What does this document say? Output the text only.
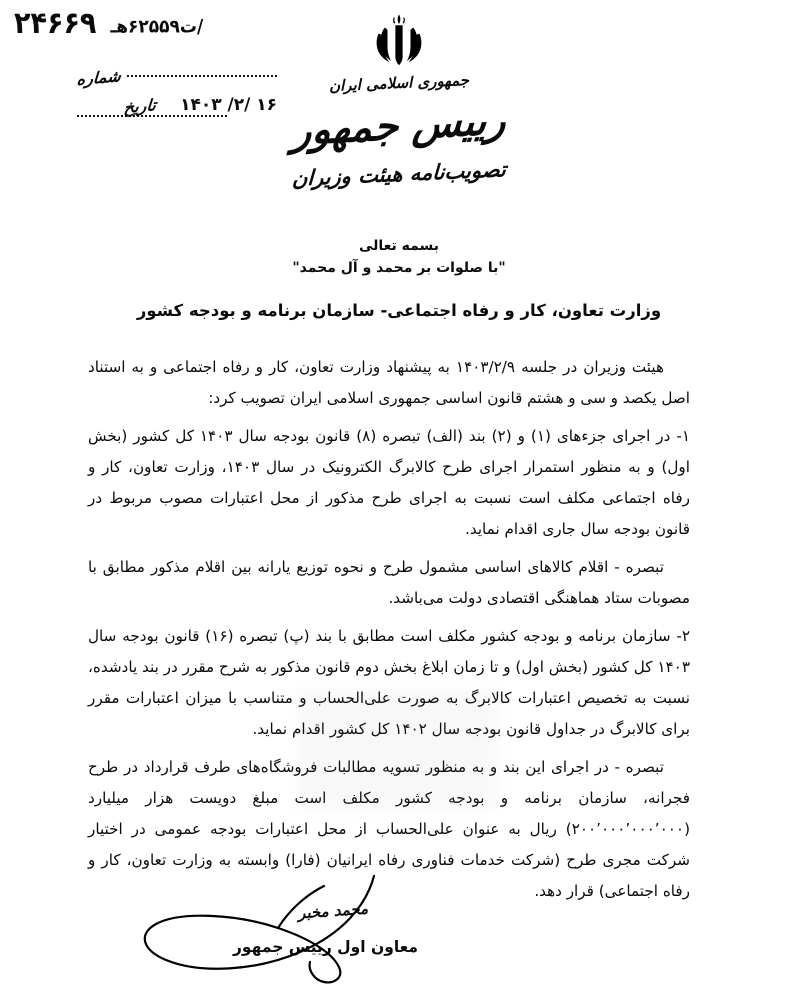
۲۴۶۶۹ /ت۶۲۵۵۹هـ
شماره
۱۴۰۳ /۲/ ۱۶
تاریخ
جمهوری اسلامی ایران
رییس جمهور
تصویب‌نامه هیئت وزیران
بسمه تعالی
"با صلوات بر محمد و آل محمد"
وزارت تعاون، کار و رفاه اجتماعی- سازمان برنامه و بودجه کشور

هیئت وزیران در جلسه ۱۴۰۳/۲/۹ به پیشنهاد وزارت تعاون، کار و رفاه اجتماعی و به استناد اصل یکصد و سی و هشتم قانون اساسی جمهوری اسلامی ایران تصویب کرد:

۱- در اجرای جزءهای (۱) و (۲) بند (الف) تبصره (۸) قانون بودجه سال ۱۴۰۳ کل کشور (بخش اول) و به منظور استمرار اجرای طرح کالابرگ الکترونیک در سال ۱۴۰۳، وزارت تعاون، کار و رفاه اجتماعی مکلف است نسبت به اجرای طرح مذکور از محل اعتبارات مصوب مربوط در قانون بودجه سال جاری اقدام نماید.

تبصره - اقلام کالاهای اساسی مشمول طرح و نحوه توزیع یارانه بین اقلام مذکور مطابق با مصوبات ستاد هماهنگی اقتصادی دولت می‌باشد.

۲- سازمان برنامه و بودجه کشور مکلف است مطابق با بند (پ) تبصره (۱۶) قانون بودجه سال ۱۴۰۳ کل کشور (بخش اول) و تا زمان ابلاغ بخش دوم قانون مذکور به شرح مقرر در بند یادشده، نسبت به تخصیص اعتبارات کالابرگ به صورت علی‌الحساب و متناسب با میزان اعتبارات مقرر برای کالابرگ در جداول قانون بودجه سال ۱۴۰۲ کل کشور اقدام نماید.

تبصره - در اجرای این بند و به منظور تسویه مطالبات فروشگاه‌های طرف قرارداد در طرح فجرانه، سازمان برنامه و بودجه کشور مکلف است مبلغ دویست هزار میلیارد (۲۰۰٬۰۰۰٬۰۰۰٬۰۰۰) ریال به عنوان علی‌الحساب از محل اعتبارات بودجه عمومی در اختیار شرکت مجری طرح (شرکت خدمات فناوری رفاه ایرانیان (فارا) وابسته به وزارت تعاون، کار و رفاه اجتماعی) قرار دهد.

محمد مخبر
معاون اول رییس جمهور
